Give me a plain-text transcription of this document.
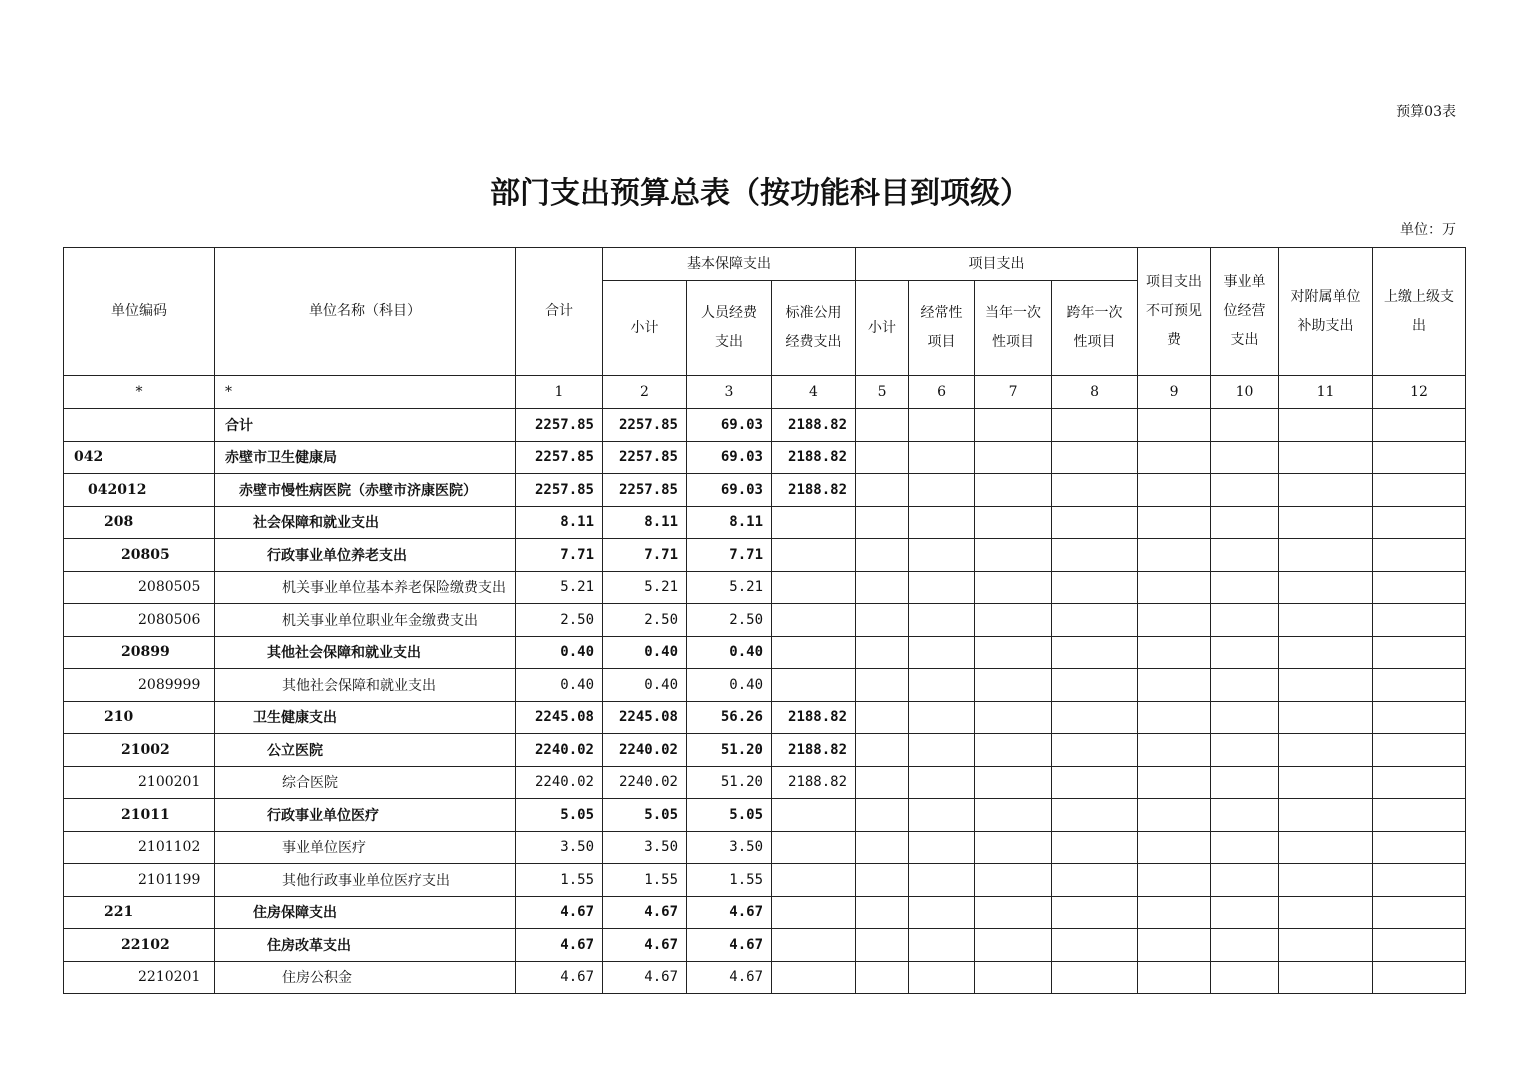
预算03表
部门支出预算总表（按功能科目到项级）
单位：万
单位编码	单位名称（科目）	合计	基本保障支出			项目支出				项目支出不可预见费	事业单位经营支出	对附属单位补助支出	上缴上级支出
			小计	人员经费支出	标准公用经费支出	小计	经常性项目	当年一次性项目	跨年一次性项目				
*	*	1	2	3	4	5	6	7	8	9	10	11	12
	合计	2257.85	2257.85	69.03	2188.82								
042	赤壁市卫生健康局	2257.85	2257.85	69.03	2188.82								
042012	赤壁市慢性病医院（赤壁市济康医院）	2257.85	2257.85	69.03	2188.82								
208	社会保障和就业支出	8.11	8.11	8.11									
20805	行政事业单位养老支出	7.71	7.71	7.71									
2080505	机关事业单位基本养老保险缴费支出	5.21	5.21	5.21									
2080506	机关事业单位职业年金缴费支出	2.50	2.50	2.50									
20899	其他社会保障和就业支出	0.40	0.40	0.40									
2089999	其他社会保障和就业支出	0.40	0.40	0.40									
210	卫生健康支出	2245.08	2245.08	56.26	2188.82								
21002	公立医院	2240.02	2240.02	51.20	2188.82								
2100201	综合医院	2240.02	2240.02	51.20	2188.82								
21011	行政事业单位医疗	5.05	5.05	5.05									
2101102	事业单位医疗	3.50	3.50	3.50									
2101199	其他行政事业单位医疗支出	1.55	1.55	1.55									
221	住房保障支出	4.67	4.67	4.67									
22102	住房改革支出	4.67	4.67	4.67									
2210201	住房公积金	4.67	4.67	4.67									
